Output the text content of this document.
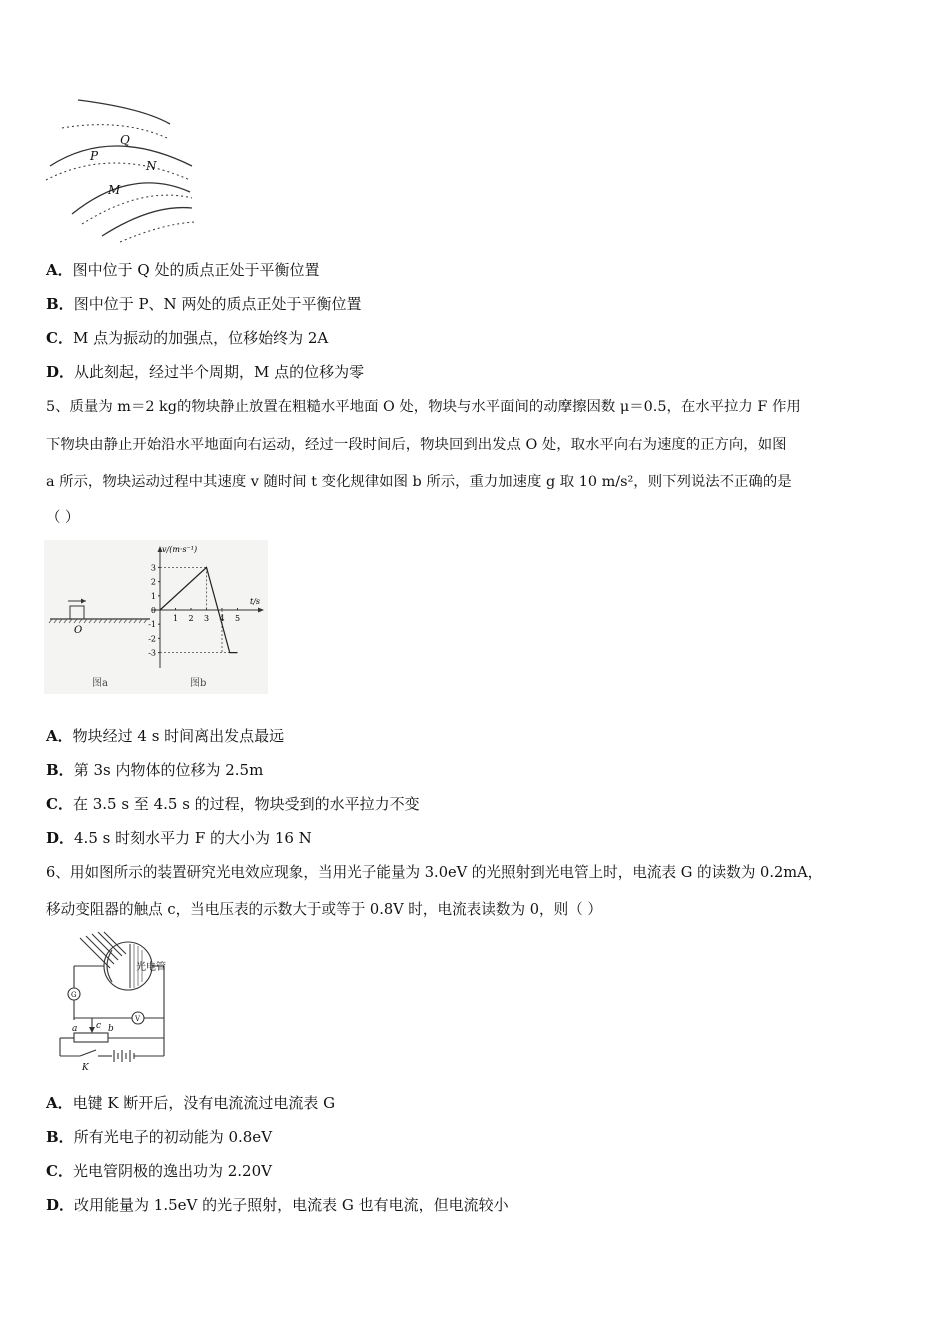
Q
P
N
M
A．图中位于 Q 处的质点正处于平衡位置
B．图中位于 P、N 两处的质点正处于平衡位置
C．M 点为振动的加强点，位移始终为 2A
D．从此刻起，经过半个周期，M 点的位移为零
5、质量为 m＝2 kg的物块静止放置在粗糙水平地面 O 处，物块与水平面间的动摩擦因数 μ＝0.5，在水平拉力 F 作用
下物块由静止开始沿水平地面向右运动，经过一段时间后，物块回到出发点 O 处，取水平向右为速度的正方向，如图
a 所示，物块运动过程中其速度 v 随时间 t 变化规律如图 b 所示，重力加速度 g 取 10 m/s²，则下列说法不正确的是
（ ）
O
图a	图b
v/(m·s⁻¹)
t/s
3
2
1
0
-1
-2
-3
1 2 3 4 5
A．物块经过 4 s 时间离出发点最远
B．第 3s 内物体的位移为 2.5m
C．在 3.5 s 至 4.5 s 的过程，物块受到的水平拉力不变
D．4.5 s 时刻水平力 F 的大小为 16 N
6、用如图所示的装置研究光电效应现象，当用光子能量为 3.0eV 的光照射到光电管上时，电流表 G 的读数为 0.2mA，
移动变阻器的触点 c，当电压表的示数大于或等于 0.8V 时，电流表读数为 0，则（ ）
光电管
G
V
a c b
K
A．电键 K 断开后，没有电流流过电流表 G
B．所有光电子的初动能为 0.8eV
C．光电管阴极的逸出功为 2.20V
D．改用能量为 1.5eV 的光子照射，电流表 G 也有电流，但电流较小
